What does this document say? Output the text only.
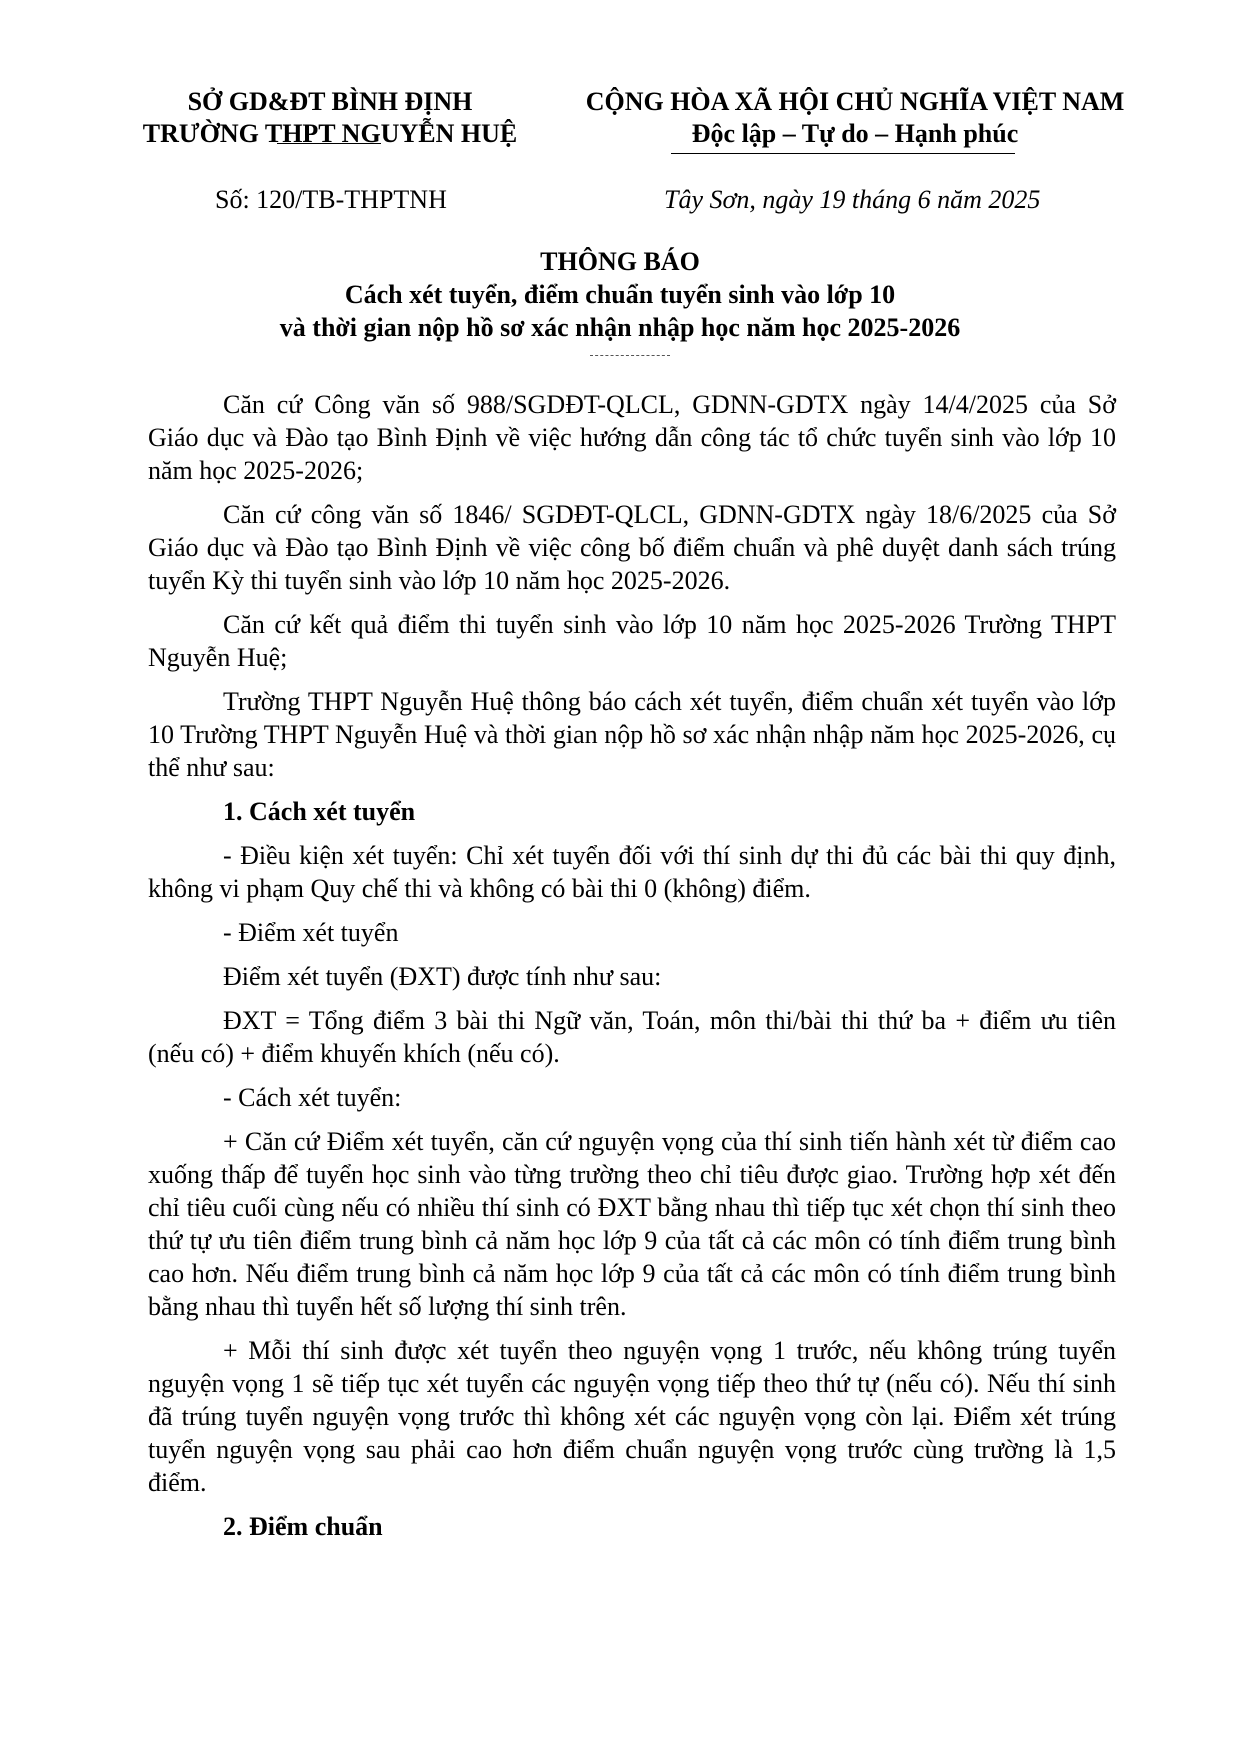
SỞ GD&ĐT BÌNH ĐỊNH
TRƯỜNG THPT NGUYỄN HUỆ
CỘNG HÒA XÃ HỘI CHỦ NGHĨA VIỆT NAM
Độc lập – Tự do – Hạnh phúc
Số: 120/TB-THPTNH	Tây Sơn, ngày 19 tháng 6 năm 2025
THÔNG BÁO
Cách xét tuyển, điểm chuẩn tuyển sinh vào lớp 10
và thời gian nộp hồ sơ xác nhận nhập học năm học 2025-2026

Căn cứ Công văn số 988/SGDĐT-QLCL, GDNN-GDTX ngày 14/4/2025 của Sở Giáo dục và Đào tạo Bình Định về việc hướng dẫn công tác tổ chức tuyển sinh vào lớp 10 năm học 2025-2026;

Căn cứ công văn số 1846/ SGDĐT-QLCL, GDNN-GDTX ngày 18/6/2025 của Sở Giáo dục và Đào tạo Bình Định về việc công bố điểm chuẩn và phê duyệt danh sách trúng tuyển Kỳ thi tuyển sinh vào lớp 10 năm học 2025-2026.

Căn cứ kết quả điểm thi tuyển sinh vào lớp 10 năm học 2025-2026 Trường THPT Nguyễn Huệ;

Trường THPT Nguyễn Huệ thông báo cách xét tuyển, điểm chuẩn xét tuyển vào lớp 10 Trường THPT Nguyễn Huệ và thời gian nộp hồ sơ xác nhận nhập năm học 2025-2026, cụ thể như sau:

1. Cách xét tuyển

- Điều kiện xét tuyển: Chỉ xét tuyển đối với thí sinh dự thi đủ các bài thi quy định, không vi phạm Quy chế thi và không có bài thi 0 (không) điểm.

- Điểm xét tuyển

Điểm xét tuyển (ĐXT) được tính như sau:

ĐXT = Tổng điểm 3 bài thi Ngữ văn, Toán, môn thi/bài thi thứ ba + điểm ưu tiên (nếu có) + điểm khuyến khích (nếu có).

- Cách xét tuyển:

+ Căn cứ Điểm xét tuyển, căn cứ nguyện vọng của thí sinh tiến hành xét từ điểm cao xuống thấp để tuyển học sinh vào từng trường theo chỉ tiêu được giao. Trường hợp xét đến chỉ tiêu cuối cùng nếu có nhiều thí sinh có ĐXT bằng nhau thì tiếp tục xét chọn thí sinh theo thứ tự ưu tiên điểm trung bình cả năm học lớp 9 của tất cả các môn có tính điểm trung bình cao hơn. Nếu điểm trung bình cả năm học lớp 9 của tất cả các môn có tính điểm trung bình bằng nhau thì tuyển hết số lượng thí sinh trên.

+ Mỗi thí sinh được xét tuyển theo nguyện vọng 1 trước, nếu không trúng tuyển nguyện vọng 1 sẽ tiếp tục xét tuyển các nguyện vọng tiếp theo thứ tự (nếu có). Nếu thí sinh đã trúng tuyển nguyện vọng trước thì không xét các nguyện vọng còn lại. Điểm xét trúng tuyển nguyện vọng sau phải cao hơn điểm chuẩn nguyện vọng trước cùng trường là 1,5 điểm.

2. Điểm chuẩn
